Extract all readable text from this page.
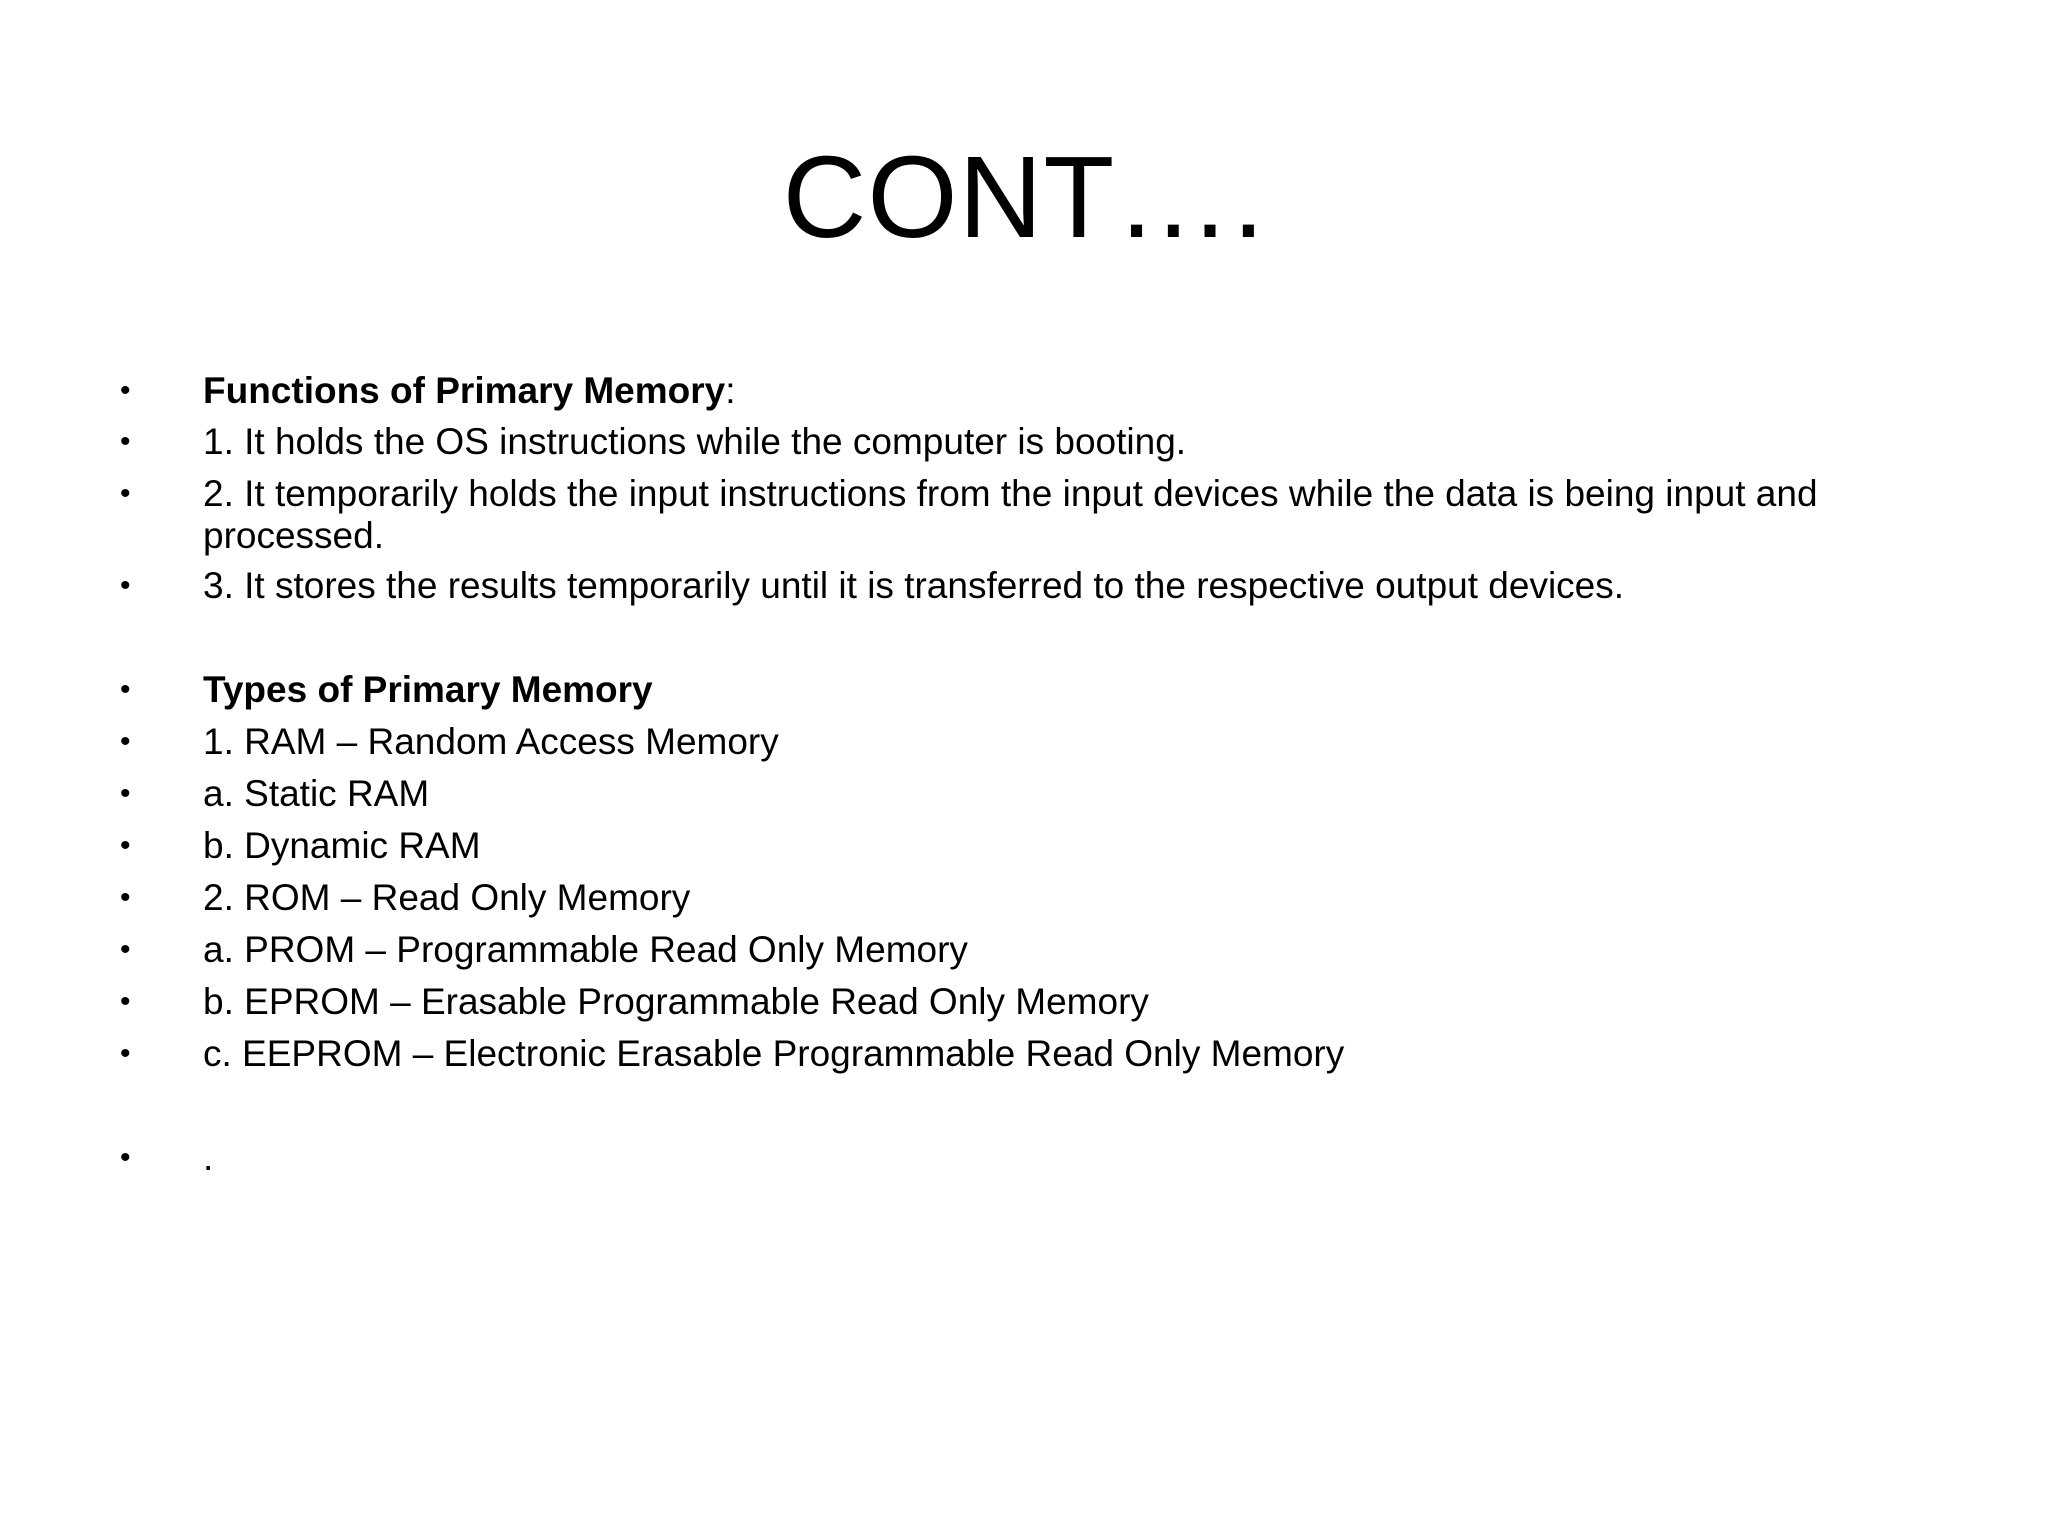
CONT….
•	Functions of Primary Memory:
•	1. It holds the OS instructions while the computer is booting.
•	2. It temporarily holds the input instructions from the input devices while the data is being input and processed.
•	3. It stores the results temporarily until it is transferred to the respective output devices.
•	Types of Primary Memory
•	1. RAM – Random Access Memory
•	a. Static RAM
•	b. Dynamic RAM
•	2. ROM – Read Only Memory
•	a. PROM – Programmable Read Only Memory
•	b. EPROM – Erasable Programmable Read Only Memory
•	c. EEPROM – Electronic Erasable Programmable Read Only Memory
•	.
